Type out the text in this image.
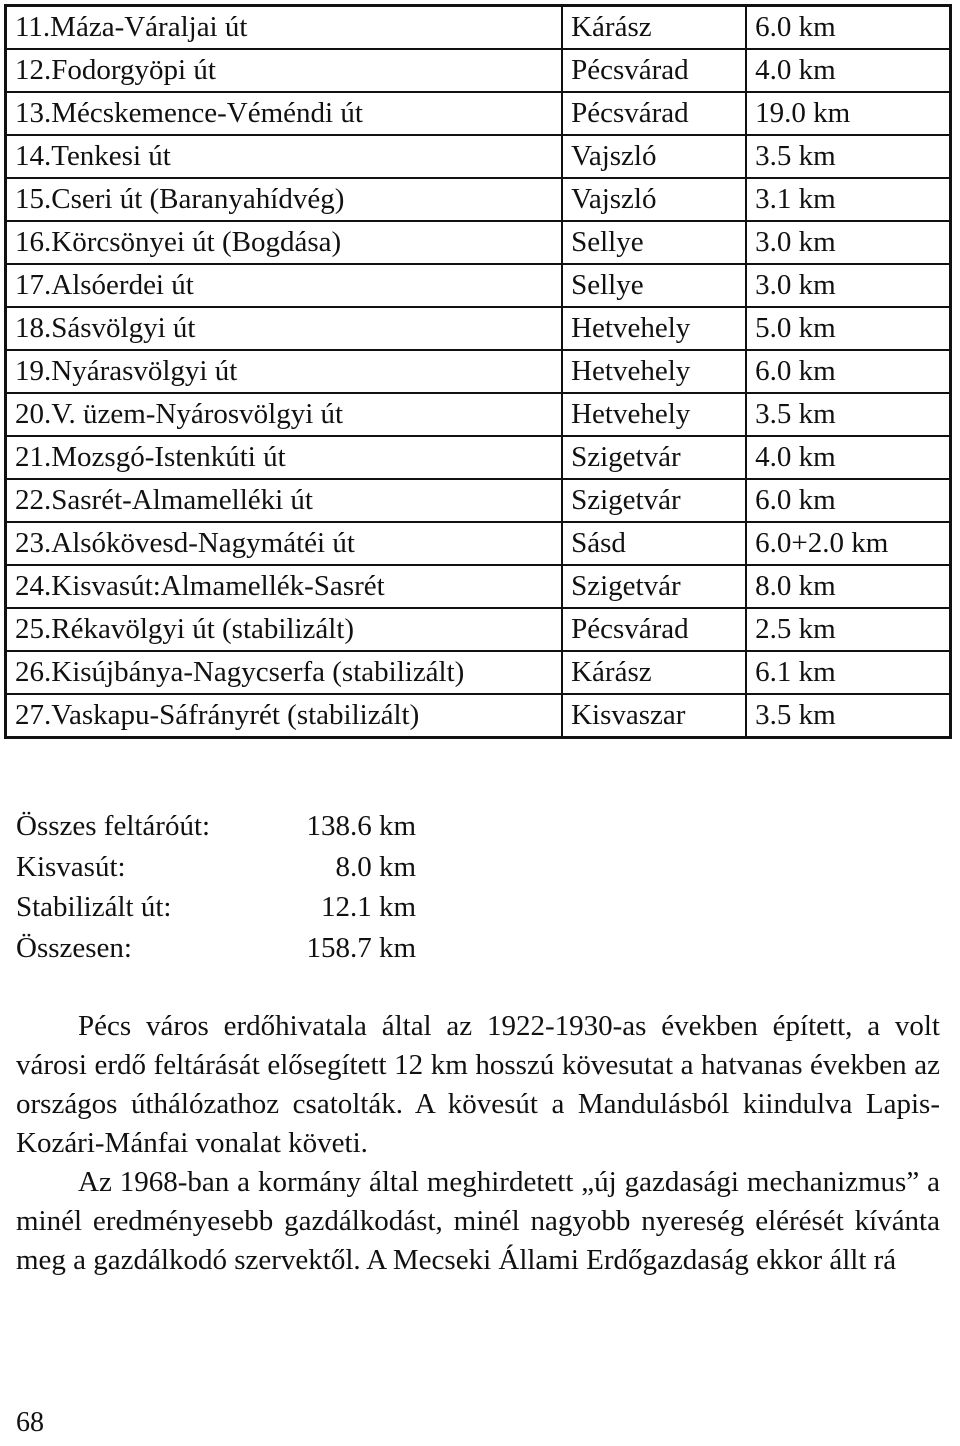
11.Máza-Váraljai út	Kárász	6.0 km
12.Fodorgyöpi út	Pécsvárad	4.0 km
13.Mécskemence-Véméndi út	Pécsvárad	19.0 km
14.Tenkesi út	Vajszló	3.5 km
15.Cseri út (Baranyahídvég)	Vajszló	3.1 km
16.Körcsönyei út (Bogdása)	Sellye	3.0 km
17.Alsóerdei út	Sellye	3.0 km
18.Sásvölgyi út	Hetvehely	5.0 km
19.Nyárasvölgyi út	Hetvehely	6.0 km
20.V. üzem-Nyárosvölgyi út	Hetvehely	3.5 km
21.Mozsgó-Istenkúti út	Szigetvár	4.0 km
22.Sasrét-Almamelléki út	Szigetvár	6.0 km
23.Alsókövesd-Nagymátéi út	Sásd	6.0+2.0 km
24.Kisvasút:Almamellék-Sasrét	Szigetvár	8.0 km
25.Rékavölgyi út (stabilizált)	Pécsvárad	2.5 km
26.Kisújbánya-Nagycserfa (stabilizált)	Kárász	6.1 km
27.Vaskapu-Sáfrányrét (stabilizált)	Kisvaszar	3.5 km
Összes feltáróút:	138.6 km
Kisvasút:	8.0 km
Stabilizált út:	12.1 km
Összesen:	158.7 km

Pécs város erdőhivatala által az 1922-1930-as években épített, a volt városi erdő feltárását elősegített 12 km hosszú kövesutat a hatvanas években az országos úthálózathoz csatolták. A kövesút a Mandulásból kiindulva Lapis-Kozári-Mánfai vonalat követi.

Az 1968-ban a kormány által meghirdetett „új gazdasági mechanizmus” a minél eredményesebb gazdálkodást, minél nagyobb nyereség elérését kívánta meg a gazdálkodó szervektől. A Mecseki Állami Erdőgazdaság ekkor állt rá

68
